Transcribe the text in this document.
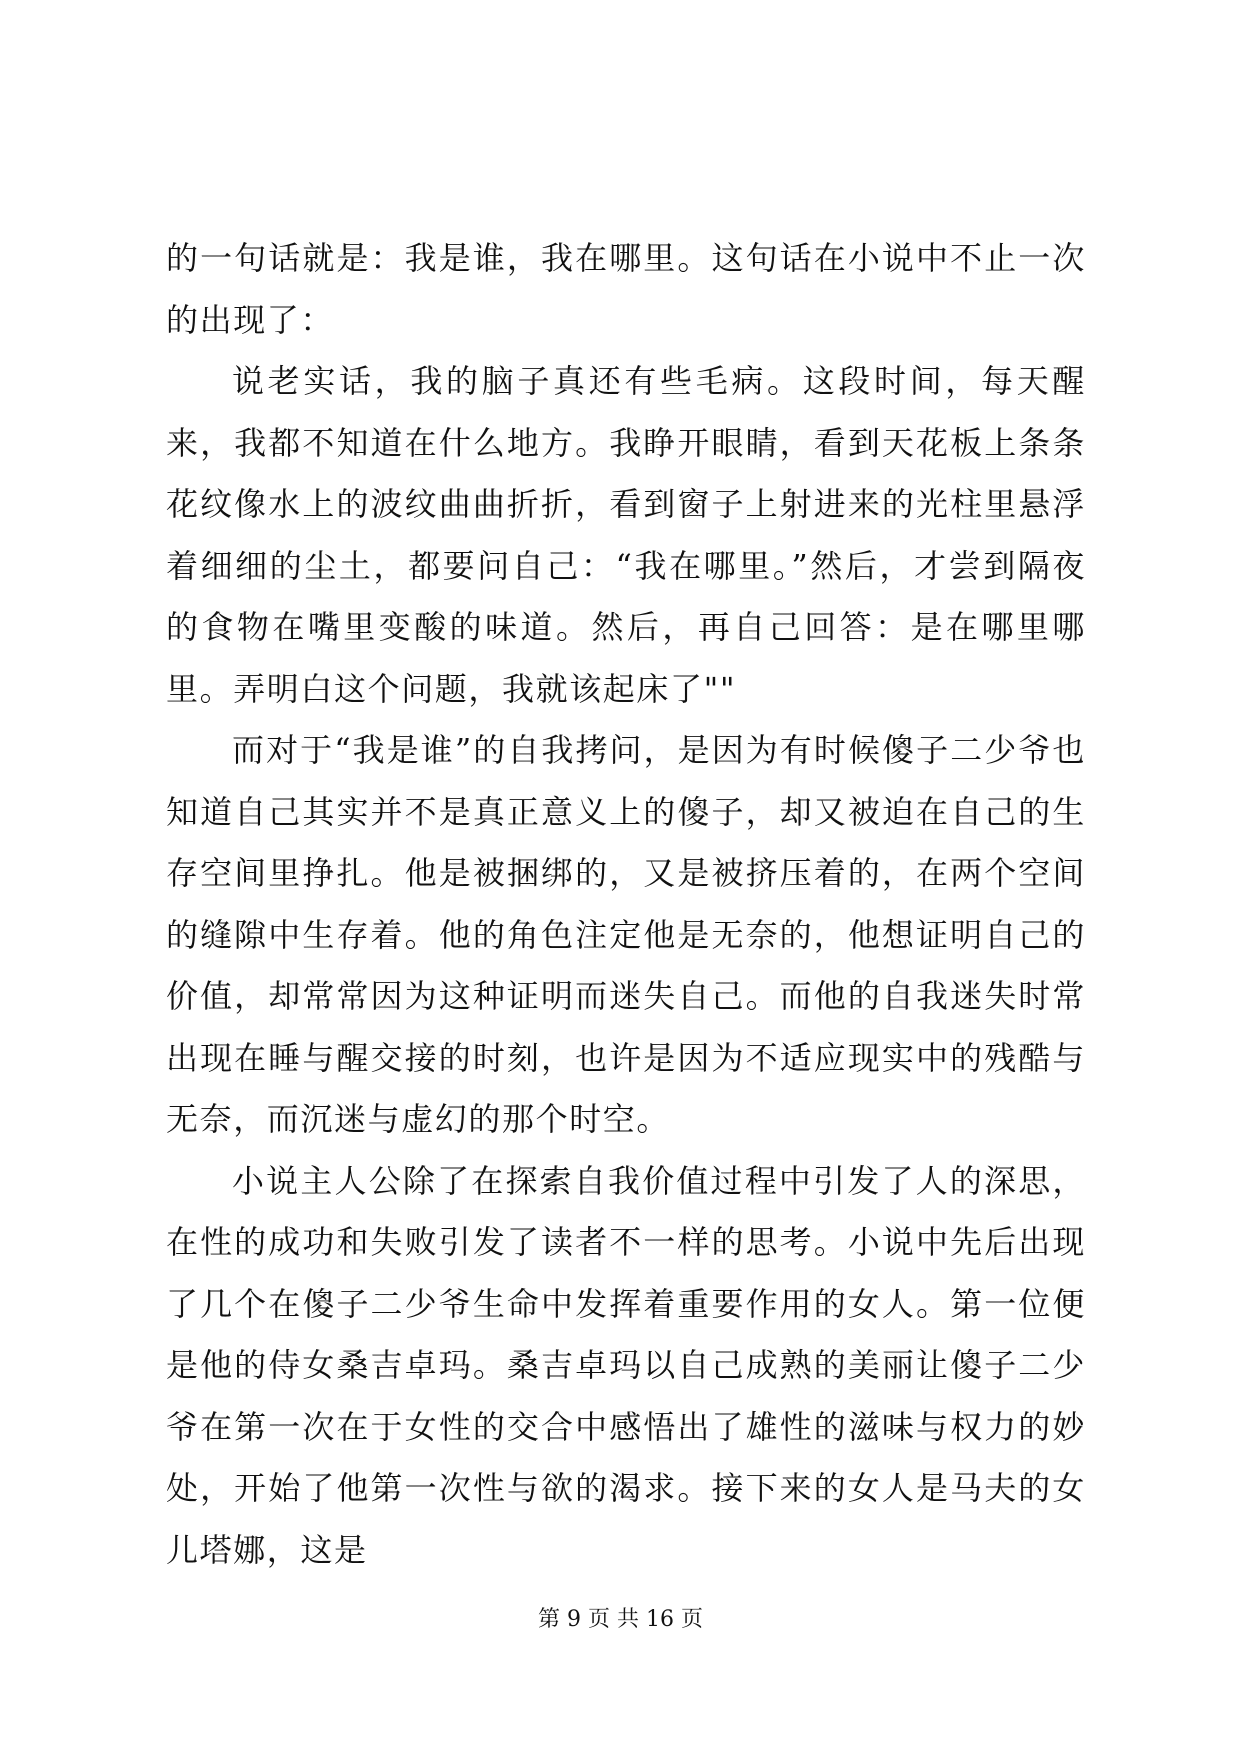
的一句话就是：我是谁，我在哪里。这句话在小说中不止一次的出现了：

说老实话，我的脑子真还有些毛病。这段时间，每天醒来，我都不知道在什么地方。我睁开眼睛，看到天花板上条条花纹像水上的波纹曲曲折折，看到窗子上射进来的光柱里悬浮着细细的尘土，都要问自己：“我在哪里。”然后，才尝到隔夜的食物在嘴里变酸的味道。然后，再自己回答：是在哪里哪里。弄明白这个问题，我就该起床了""

而对于“我是谁”的自我拷问，是因为有时候傻子二少爷也知道自己其实并不是真正意义上的傻子，却又被迫在自己的生存空间里挣扎。他是被捆绑的，又是被挤压着的，在两个空间的缝隙中生存着。他的角色注定他是无奈的，他想证明自己的价值，却常常因为这种证明而迷失自己。而他的自我迷失时常出现在睡与醒交接的时刻，也许是因为不适应现实中的残酷与无奈，而沉迷与虚幻的那个时空。

小说主人公除了在探索自我价值过程中引发了人的深思，在性的成功和失败引发了读者不一样的思考。小说中先后出现了几个在傻子二少爷生命中发挥着重要作用的女人。第一位便是他的侍女桑吉卓玛。桑吉卓玛以自己成熟的美丽让傻子二少爷在第一次在于女性的交合中感悟出了雄性的滋味与权力的妙处，开始了他第一次性与欲的渴求。接下来的女人是马夫的女儿塔娜，这是

第 9 页 共 16 页
